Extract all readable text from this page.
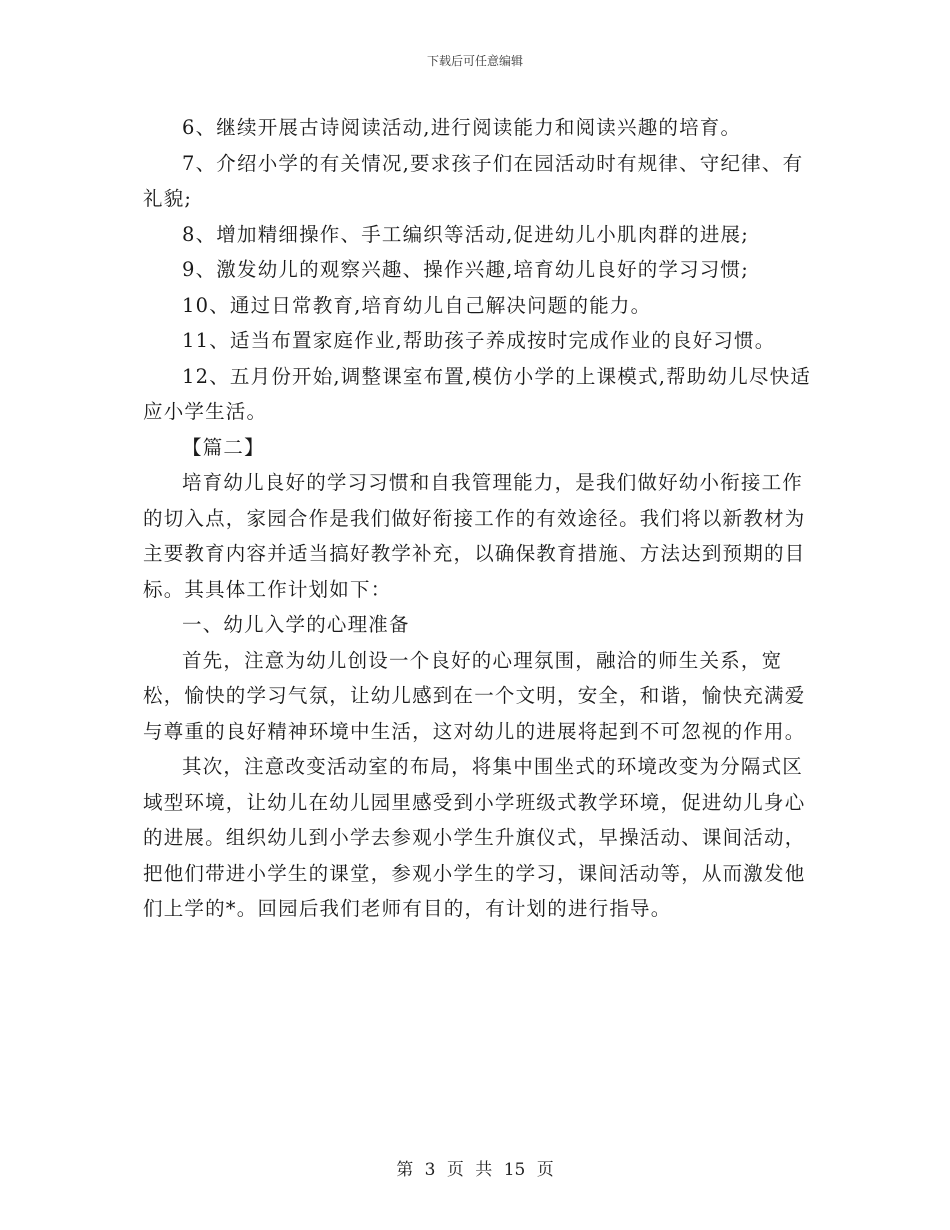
下载后可任意编辑

6、继续开展古诗阅读活动,进行阅读能力和阅读兴趣的培育。

7、介绍小学的有关情况,要求孩子们在园活动时有规律、守纪律、有礼貌;

8、增加精细操作、手工编织等活动,促进幼儿小肌肉群的进展;

9、激发幼儿的观察兴趣、操作兴趣,培育幼儿良好的学习习惯;

10、通过日常教育,培育幼儿自己解决问题的能力。

11、适当布置家庭作业,帮助孩子养成按时完成作业的良好习惯。

12、五月份开始,调整课室布置,模仿小学的上课模式,帮助幼儿尽快适应小学生活。

【篇二】

培育幼儿良好的学习习惯和自我管理能力，是我们做好幼小衔接工作的切入点，家园合作是我们做好衔接工作的有效途径。我们将以新教材为主要教育内容并适当搞好教学补充，以确保教育措施、方法达到预期的目标。其具体工作计划如下：

一、幼儿入学的心理准备

首先，注意为幼儿创设一个良好的心理氛围，融洽的师生关系，宽松，愉快的学习气氛，让幼儿感到在一个文明，安全，和谐，愉快充满爱与尊重的良好精神环境中生活，这对幼儿的进展将起到不可忽视的作用。

其次，注意改变活动室的布局，将集中围坐式的环境改变为分隔式区域型环境，让幼儿在幼儿园里感受到小学班级式教学环境，促进幼儿身心的进展。组织幼儿到小学去参观小学生升旗仪式，早操活动、课间活动，把他们带进小学生的课堂，参观小学生的学习，课间活动等，从而激发他们上学的*。回园后我们老师有目的，有计划的进行指导。

第 3 页 共 15 页
